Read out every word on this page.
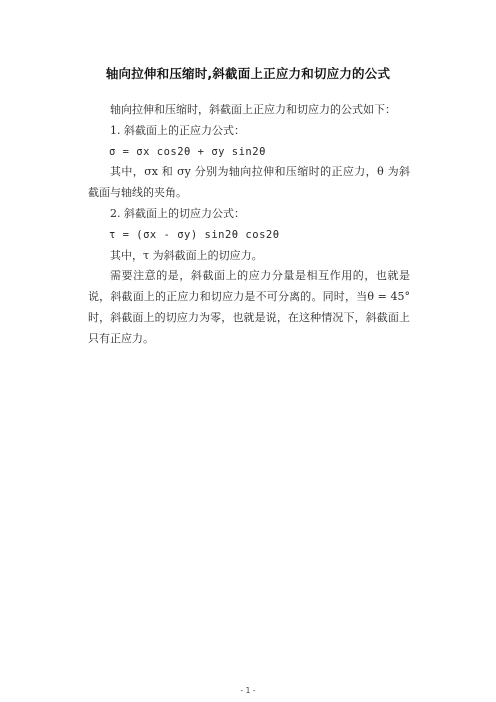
轴向拉伸和压缩时,斜截面上正应力和切应力的公式
轴向拉伸和压缩时，斜截面上正应力和切应力的公式如下：
1. 斜截面上的正应力公式：
σ = σx cos2θ + σy sin2θ
其中，σx 和 σy 分别为轴向拉伸和压缩时的正应力，θ 为斜截面与轴线的夹角。
2. 斜截面上的切应力公式：
τ = (σx - σy) sin2θ cos2θ
其中，τ 为斜截面上的切应力。
需要注意的是，斜截面上的应力分量是相互作用的，也就是说，斜截面上的正应力和切应力是不可分离的。同时，当θ = 45° 时，斜截面上的切应力为零，也就是说，在这种情况下，斜截面上只有正应力。
- 1 -
